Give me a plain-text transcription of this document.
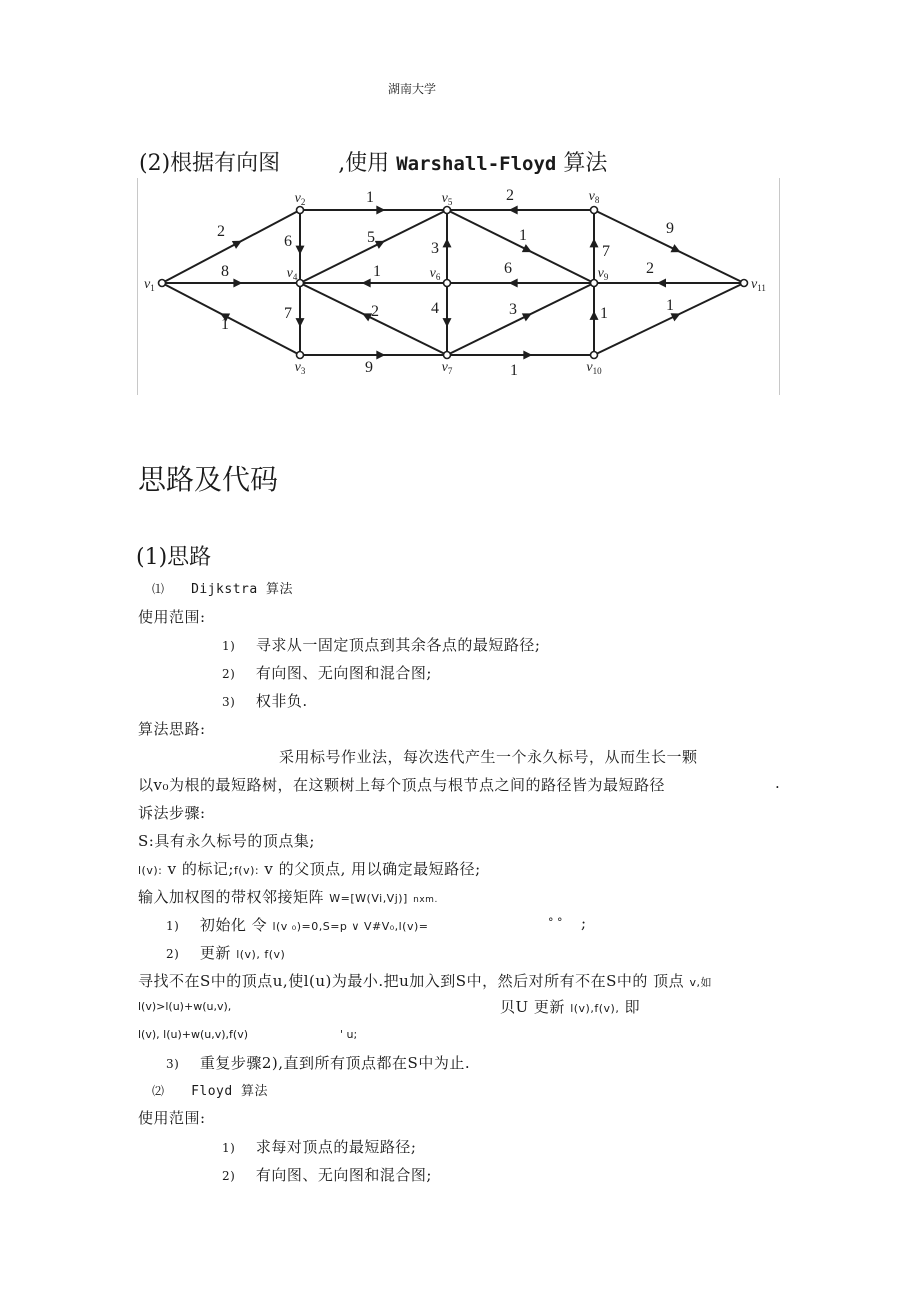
湖南大学
(2)根据有向图	,使用 Warshall-Floyd 算法
2
8
1
1
6
7
5
1
2
9
3
4
1
2
6
3
1
7
9
2
1	1
$v_1$
$v_2$
$v_3$
$v_4$
$v_5$
$v_6$
$v_7$
$v_8$
$v_9$
$v_{10}$
$v_{11}$
思路及代码
(1)思路
⑴ Dijkstra 算法
使用范围:
1) 寻求从一固定顶点到其余各点的最短路径;
2) 有向图、无向图和混合图;
3) 权非负.
算法思路:
采用标号作业法，每次迭代产生一个永久标号，从而生长一颗
以v₀为根的最短路树，在这颗树上每个顶点与根节点之间的路径皆为最短路径	.
诉法步骤:
S:具有永久标号的顶点集;
l(v): v 的标记;f(v): v 的父顶点, 用以确定最短路径;
输入加权图的带权邻接矩阵 W=[W(Vi,Vj)] nxm.
1) 初始化 令 l(v ₀)=0,S=p ∨ V#V₀,l(v)=	° ° ;
2) 更新 l(v), f(v)
寻找不在S中的顶点u,使l(u)为最小.把u加入到S中，然后对所有不在S中的 顶点 v,如
l(v)>l(u)+w(u,v),	贝U 更新 l(v),f(v), 即
l(v), l(u)+w(u,v),f(v)	' u;
3) 重复步骤2),直到所有顶点都在S中为止.
⑵ Floyd 算法
使用范围:
1) 求每对顶点的最短路径;
2) 有向图、无向图和混合图;
